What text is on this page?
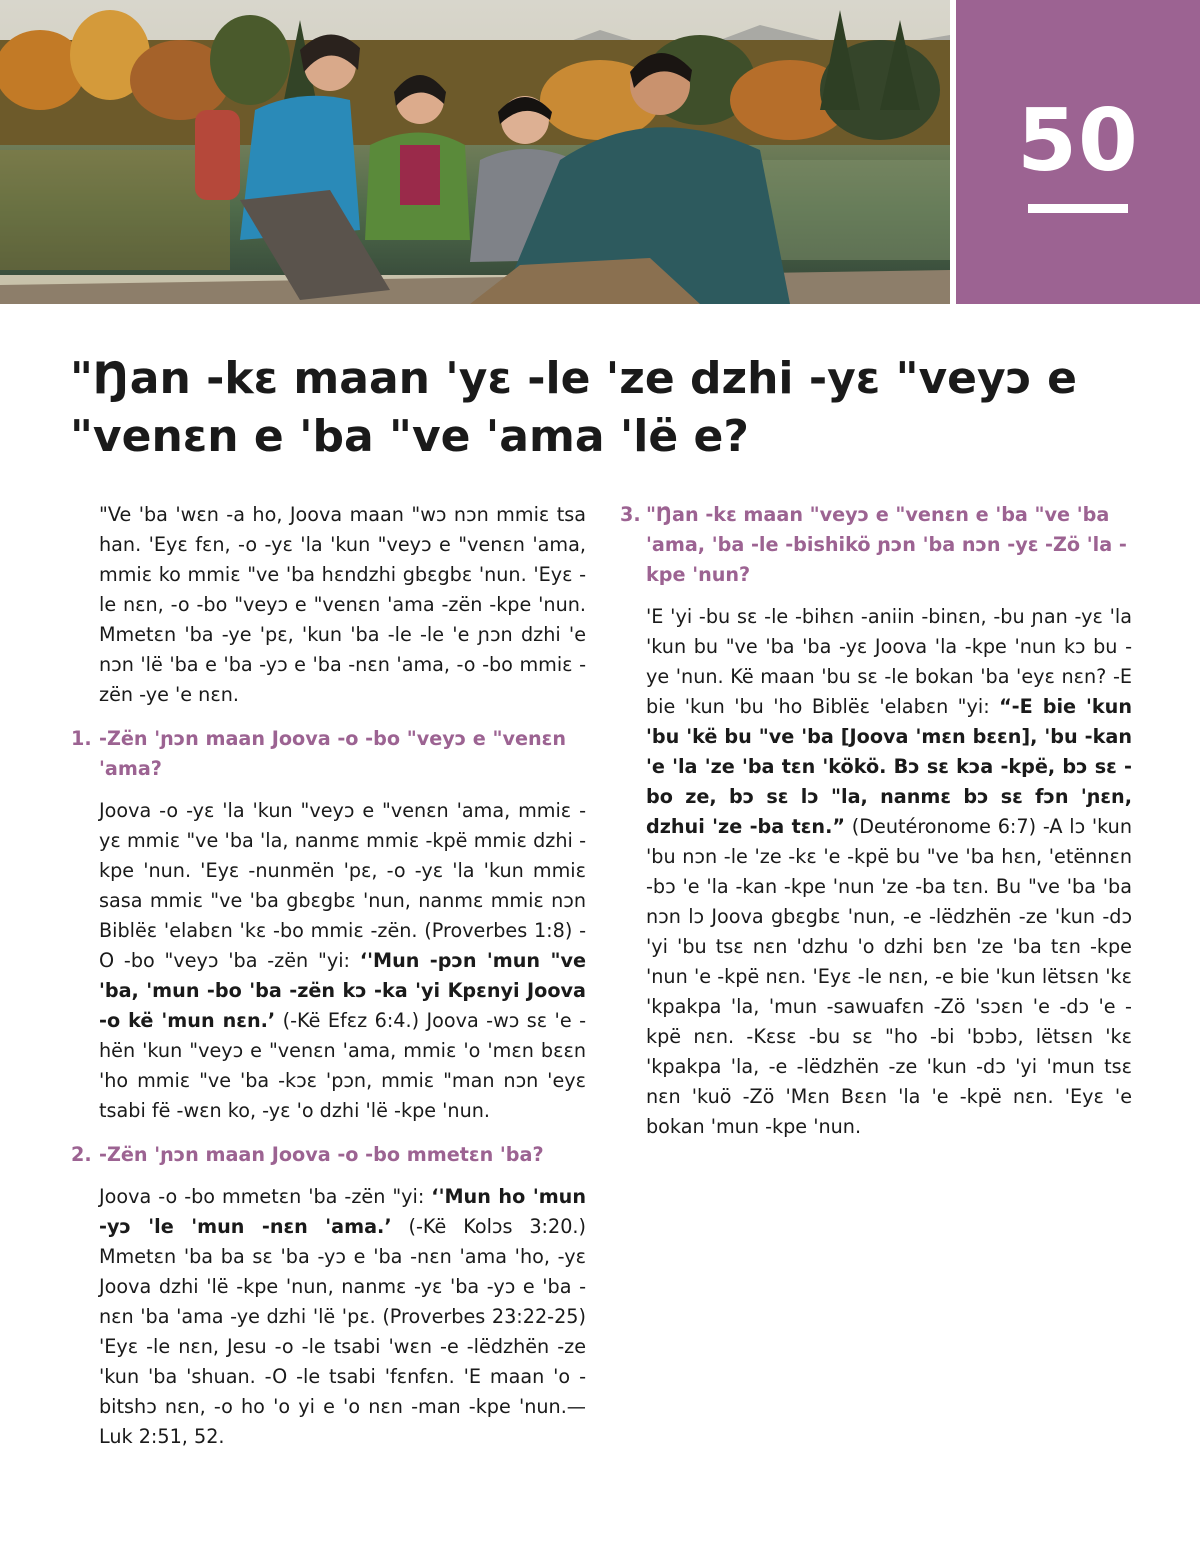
50
"Ŋan -kɛ maan 'yɛ -le 'ze dzhi -yɛ "veyɔ e "venɛn e 'ba "ve 'ama 'lë e?

"Ve 'ba 'wɛn -a ho, Joova maan "wɔ nɔn mmiɛ tsa han. 'Eyɛ fɛn, -o -yɛ 'la 'kun "veyɔ e "venɛn 'ama, mmiɛ ko mmiɛ "ve 'ba hɛndzhi gbɛgbɛ 'nun. 'Eyɛ -le nɛn, -o -bo "veyɔ e "venɛn 'ama -zën -kpe 'nun. Mmetɛn 'ba -ye 'pɛ, 'kun 'ba -le -le 'e ɲɔn dzhi 'e nɔn 'lë 'ba e 'ba -yɔ e 'ba -nɛn 'ama, -o -bo mmiɛ -zën -ye 'e nɛn.

1. -Zën 'ɲɔn maan Joova -o -bo "veyɔ e "venɛn 'ama?

Joova -o -yɛ 'la 'kun "veyɔ e "venɛn 'ama, mmiɛ -yɛ mmiɛ "ve 'ba 'la, nanmɛ mmiɛ -kpë mmiɛ dzhi -kpe 'nun. 'Eyɛ -nunmën 'pɛ, -o -yɛ 'la 'kun mmiɛ sasa mmiɛ "ve 'ba gbɛgbɛ 'nun, nanmɛ mmiɛ nɔn Biblëɛ 'elabɛn 'kɛ -bo mmiɛ -zën. (Proverbes 1:8) -O -bo "veyɔ 'ba -zën "yi: ‘'Mun -pɔn 'mun "ve 'ba, 'mun -bo 'ba -zën kɔ -ka 'yi Kpɛnyi Joova -o kë 'mun nɛn.’ (-Kë Efɛz 6:4.) Joova -wɔ sɛ 'e -hën 'kun "veyɔ e "venɛn 'ama, mmiɛ 'o 'mɛn bɛɛn 'ho mmiɛ "ve 'ba -kɔɛ 'pɔn, mmiɛ "man nɔn 'eyɛ tsabi fë -wɛn ko, -yɛ 'o dzhi 'lë -kpe 'nun.

2. -Zën 'ɲɔn maan Joova -o -bo mmetɛn 'ba?

Joova -o -bo mmetɛn 'ba -zën "yi: ‘'Mun ho 'mun -yɔ 'le 'mun -nɛn 'ama.’ (-Kë Kolɔs 3:20.) Mmetɛn 'ba ba sɛ 'ba -yɔ e 'ba -nɛn 'ama 'ho, -yɛ Joova dzhi 'lë -kpe 'nun, nanmɛ -yɛ 'ba -yɔ e 'ba -nɛn 'ba 'ama -ye dzhi 'lë 'pɛ. (Proverbes 23:22-25) 'Eyɛ -le nɛn, Jesu -o -le tsabi 'wɛn -e -lëdzhën -ze 'kun 'ba 'shuan. -O -le tsabi 'fɛnfɛn. 'E maan 'o -bitshɔ nɛn, -o ho 'o yi e 'o nɛn -man -kpe 'nun.—Luk 2:51, 52.

3. "Ŋan -kɛ maan "veyɔ e "venɛn e 'ba "ve 'ba 'ama, 'ba -le -bishikö ɲɔn 'ba nɔn -yɛ -Zö 'la -kpe 'nun?

'E 'yi -bu sɛ -le -bihɛn -aniin -binɛn, -bu ɲan -yɛ 'la 'kun bu "ve 'ba 'ba -yɛ Joova 'la -kpe 'nun kɔ bu -ye 'nun. Kë maan 'bu sɛ -le bokan 'ba 'eyɛ nɛn? -E bie 'kun 'bu 'ho Biblëɛ 'elabɛn "yi: “-E bie 'kun 'bu 'kë bu "ve 'ba [Joova 'mɛn bɛɛn], 'bu -kan 'e 'la 'ze 'ba tɛn 'kökö. Bɔ sɛ kɔa -kpë, bɔ sɛ -bo ze, bɔ sɛ lɔ "la, nanmɛ bɔ sɛ fɔn 'ɲɛn, dzhui 'ze -ba tɛn.” (Deutéronome 6:7) -A lɔ 'kun 'bu nɔn -le 'ze -kɛ 'e -kpë bu "ve 'ba hɛn, 'etënnɛn -bɔ 'e 'la -kan -kpe 'nun 'ze -ba tɛn. Bu "ve 'ba 'ba nɔn lɔ Joova gbɛgbɛ 'nun, -e -lëdzhën -ze 'kun -dɔ 'yi 'bu tsɛ nɛn 'dzhu 'o dzhi bɛn 'ze 'ba tɛn -kpe 'nun 'e -kpë nɛn. 'Eyɛ -le nɛn, -e bie 'kun lëtsɛn 'kɛ 'kpakpa 'la, 'mun -sawuafɛn -Zö 'sɔɛn 'e -dɔ 'e -kpë nɛn. -Kɛsɛ -bu sɛ "ho -bi 'bɔbɔ, lëtsɛn 'kɛ 'kpakpa 'la, -e -lëdzhën -ze 'kun -dɔ 'yi 'mun tsɛ nɛn 'kuö -Zö 'Mɛn Bɛɛn 'la 'e -kpë nɛn. 'Eyɛ 'e bokan 'mun -kpe 'nun.
